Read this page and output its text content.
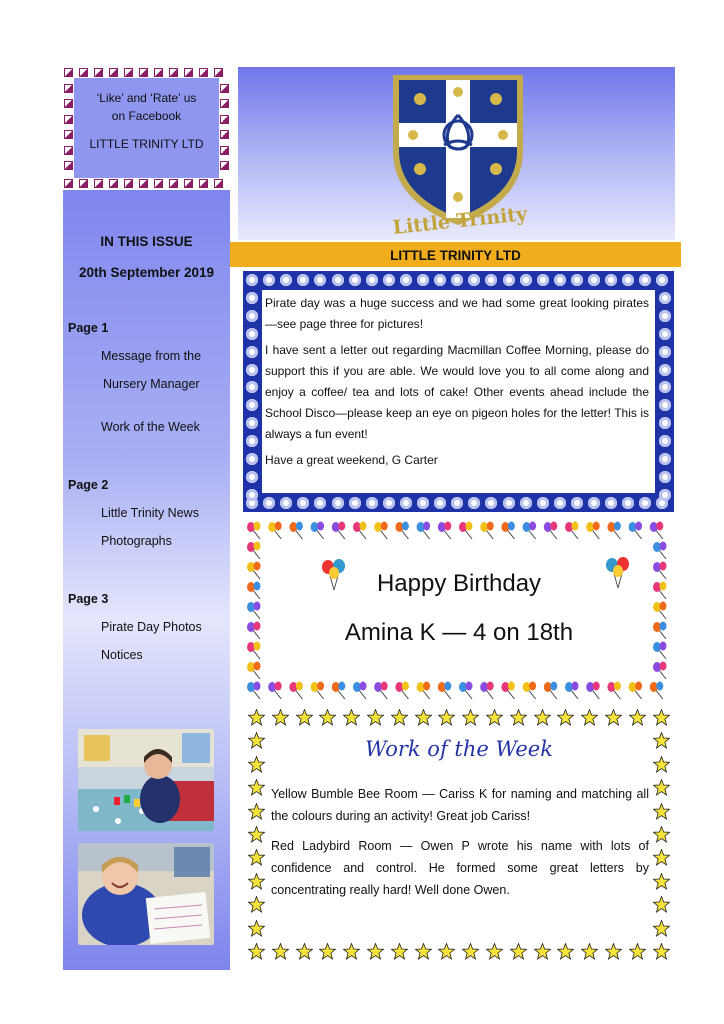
‘Like’ and ‘Rate’ us
on Facebook
LITTLE TRINITY LTD
IN THIS ISSUE
20th September 2019
Page 1
Message from the
Nursery Manager
Work of the Week
Page 2
Little Trinity News
Photographs
Page 3
Pirate Day Photos
Notices
Little Trinity
LITTLE TRINITY LTD

Pirate day was a huge success and we had some great looking pirates—see page three for pictures!

I have sent a letter out regarding Macmillan Coffee Morning, please do support this if you are able. We would love you to all come along and enjoy a coffee/ tea and lots of cake! Other events ahead include the School Disco—please keep an eye on pigeon holes for the letter! This is always a fun event!

Have a great weekend, G Carter

Happy Birthday
Amina K — 4 on 18th
Work of the Week

Yellow Bumble Bee Room — Cariss K for naming and matching all the colours during an activity! Great job Cariss!

Red Ladybird Room — Owen P wrote his name with lots of confidence and control. He formed some great letters by concentrating really hard! Well done Owen.
